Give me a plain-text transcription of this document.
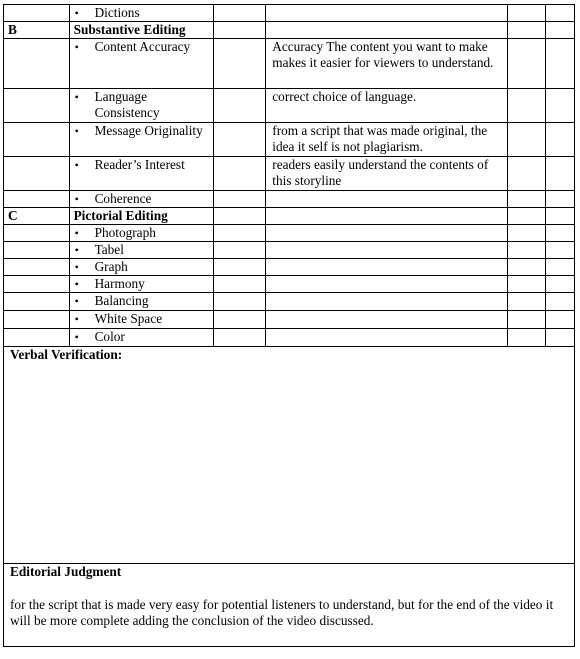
	• Dictions				

B	Substantive Editing				

	• Content Accuracy		Accuracy The content you want to make makes it easier for viewers to understand.		

	• Language Consistency		correct choice of language.		

	• Message Originality		from a script that was made original, the idea it self is not plagiarism.		

	• Reader’s Interest		readers easily understand the contents of this storyline		

	• Coherence				

C	Pictorial Editing				

	• Photograph				

	• Tabel				

	• Graph				

	• Harmony				

	• Balancing				

	• White Space				

	• Color				

Verbal Verification:					

Editorial Judgment
for the script that is made very easy for potential listeners to understand, but for the end of the video it will be more complete adding the conclusion of the video discussed.					
